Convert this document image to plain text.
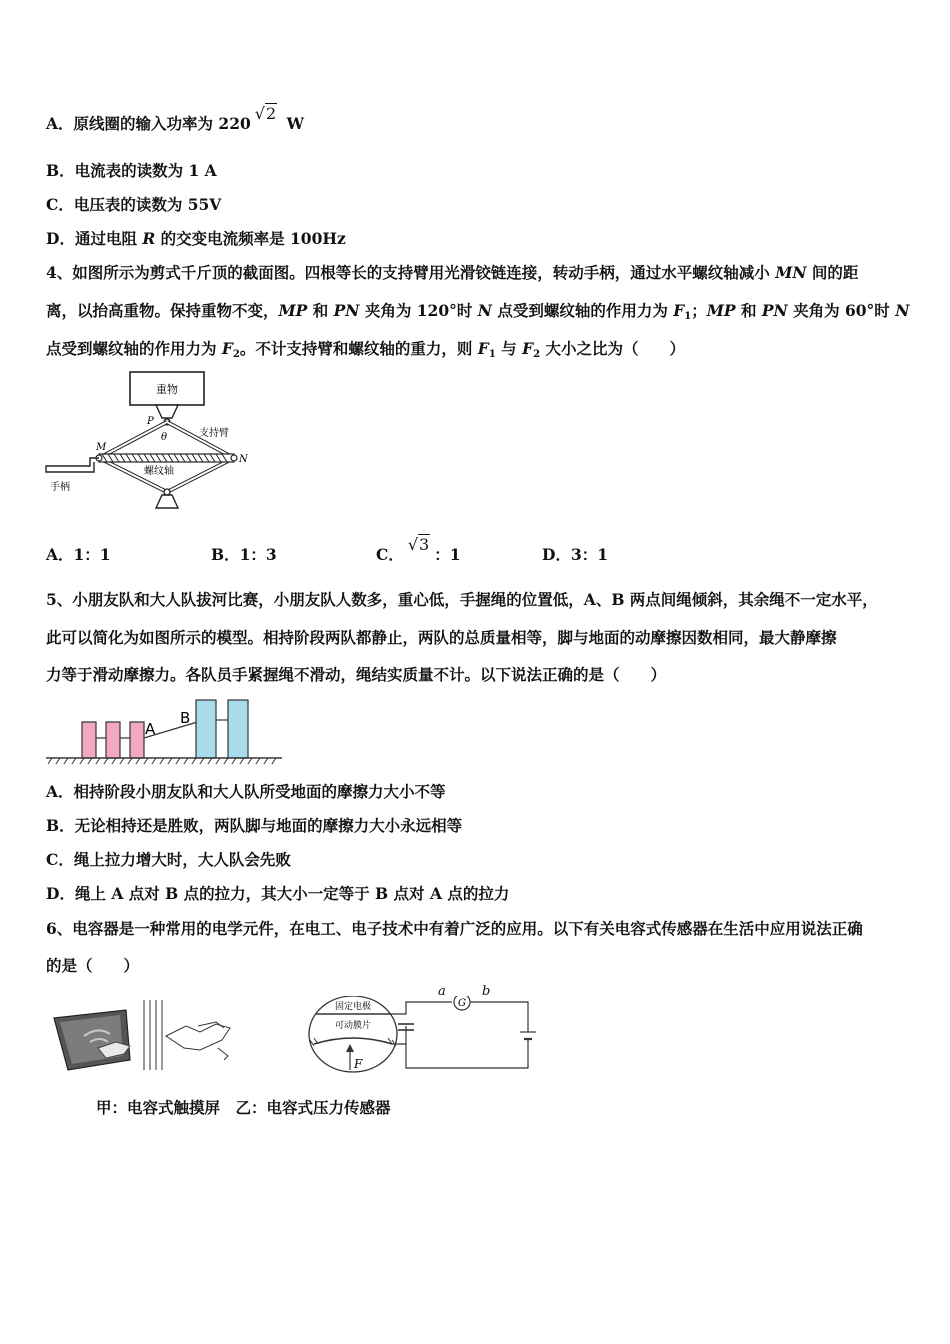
A．原线圈的输入功率为 220√2 W
B．电流表的读数为 1 A
C．电压表的读数为 55V
D．通过电阻 R 的交变电流频率是 100Hz
4、如图所示为剪式千斤顶的截面图。四根等长的支持臂用光滑铰链连接，转动手柄，通过水平螺纹轴减小 MN 间的距
离，以抬高重物。保持重物不变，MP 和 PN 夹角为 120°时 N 点受到螺纹轴的作用力为 $F_1$；MP 和 PN 夹角为 60°时 N
点受到螺纹轴的作用力为 $F_2$。不计支持臂和螺纹轴的重力，则 $F_1$ 与 $F_2$ 大小之比为（　　）
重物
P
θ	支持臂
M
N
螺纹轴
手柄
A．1：1	B．1：3	C．√3：1	D．3：1
5、小朋友队和大人队拔河比赛，小朋友队人数多，重心低，手握绳的位置低，A、B 两点间绳倾斜，其余绳不一定水平，
此可以简化为如图所示的模型。相持阶段两队都静止，两队的总质量相等，脚与地面的动摩擦因数相同，最大静摩擦
力等于滑动摩擦力。各队员手紧握绳不滑动，绳结实质量不计。以下说法正确的是（　　）
A
B
A．相持阶段小朋友队和大人队所受地面的摩擦力大小不等
B．无论相持还是胜败，两队脚与地面的摩擦力大小永远相等
C．绳上拉力增大时，大人队会先败
D．绳上 A 点对 B 点的拉力，其大小一定等于 B 点对 A 点的拉力
6、电容器是一种常用的电学元件，在电工、电子技术中有着广泛的应用。以下有关电容式传感器在生活中应用说法正确
的是（　　）
固定电极
可动膜片
F
G
a	b
甲：电容式触摸屏　乙：电容式压力传感器
